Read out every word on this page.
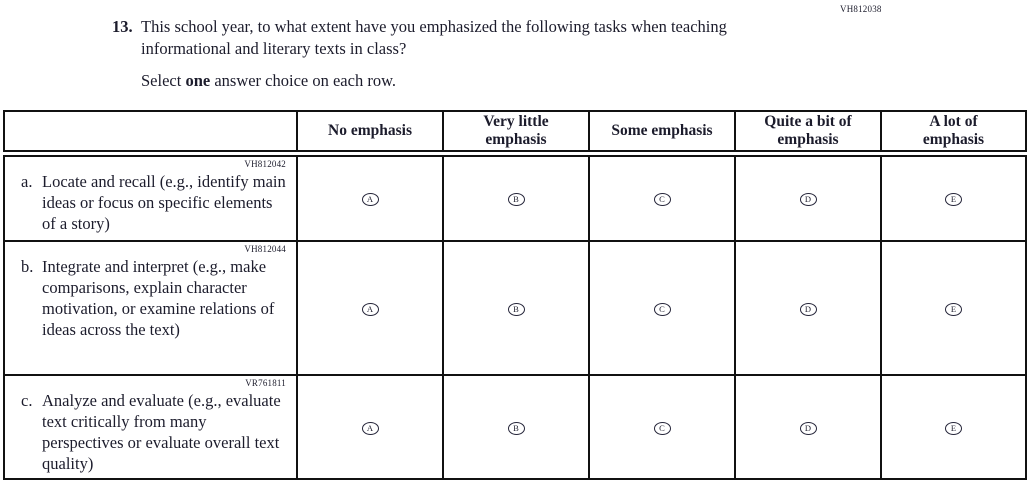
VH812038
13. This school year, to what extent have you emphasized the following tasks when teaching informational and literary texts in class?
Select one answer choice on each row.

No emphasis

Very little
emphasis

Some emphasis

Quite a bit of
emphasis

A lot of
emphasis

VH812042
a. Locate and recall (e.g., identify main ideas or focus on specific elements of a story)	A	B	C	D	E

VH812044
b. Integrate and interpret (e.g., make comparisons, explain character motivation, or examine relations of ideas across the text)	A	B	C	D	E

VR761811
c. Analyze and evaluate (e.g., evaluate text critically from many perspectives or evaluate overall text quality)	A	B	C	D	E
